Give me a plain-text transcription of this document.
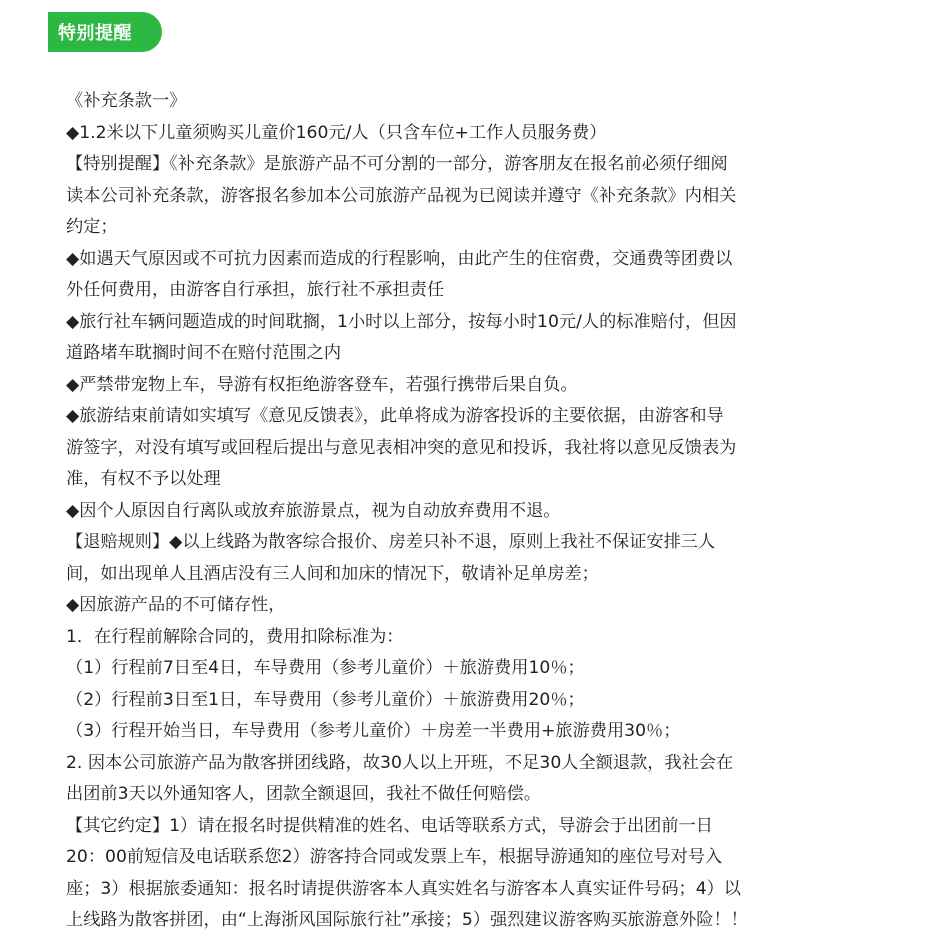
特别提醒
《补充条款一》
◆1.2米以下儿童须购买儿童价160元/人（只含车位+工作人员服务费）
【特别提醒】《补充条款》是旅游产品不可分割的一部分，游客朋友在报名前必须仔细阅
读本公司补充条款，游客报名参加本公司旅游产品视为已阅读并遵守《补充条款》内相关
约定；
◆如遇天气原因或不可抗力因素而造成的行程影响，由此产生的住宿费，交通费等团费以
外任何费用，由游客自行承担，旅行社不承担责任
◆旅行社车辆问题造成的时间耽搁，1小时以上部分，按每小时10元/人的标准赔付，但因
道路堵车耽搁时间不在赔付范围之内
◆严禁带宠物上车，导游有权拒绝游客登车，若强行携带后果自负。
◆旅游结束前请如实填写《意见反馈表》，此单将成为游客投诉的主要依据，由游客和导
游签字，对没有填写或回程后提出与意见表相冲突的意见和投诉，我社将以意见反馈表为
准，有权不予以处理
◆因个人原因自行离队或放弃旅游景点，视为自动放弃费用不退。
【退赔规则】◆以上线路为散客综合报价、房差只补不退，原则上我社不保证安排三人
间，如出现单人且酒店没有三人间和加床的情况下，敬请补足单房差；
◆因旅游产品的不可储存性，
1．在行程前解除合同的，费用扣除标准为：
（1）行程前7日至4日，车导费用（参考儿童价）＋旅游费用10％；
（2）行程前3日至1日，车导费用（参考儿童价）＋旅游费用20％；
（3）行程开始当日，车导费用（参考儿童价）＋房差一半费用+旅游费用30％；
2. 因本公司旅游产品为散客拼团线路，故30人以上开班，不足30人全额退款，我社会在
出团前3天以外通知客人，团款全额退回，我社不做任何赔偿。
【其它约定】1）请在报名时提供精准的姓名、电话等联系方式，导游会于出团前一日
20：00前短信及电话联系您2）游客持合同或发票上车，根据导游通知的座位号对号入
座；3）根据旅委通知：报名时请提供游客本人真实姓名与游客本人真实证件号码；4）以
上线路为散客拼团，由“上海浙风国际旅行社”承接；5）强烈建议游客购买旅游意外险！！
